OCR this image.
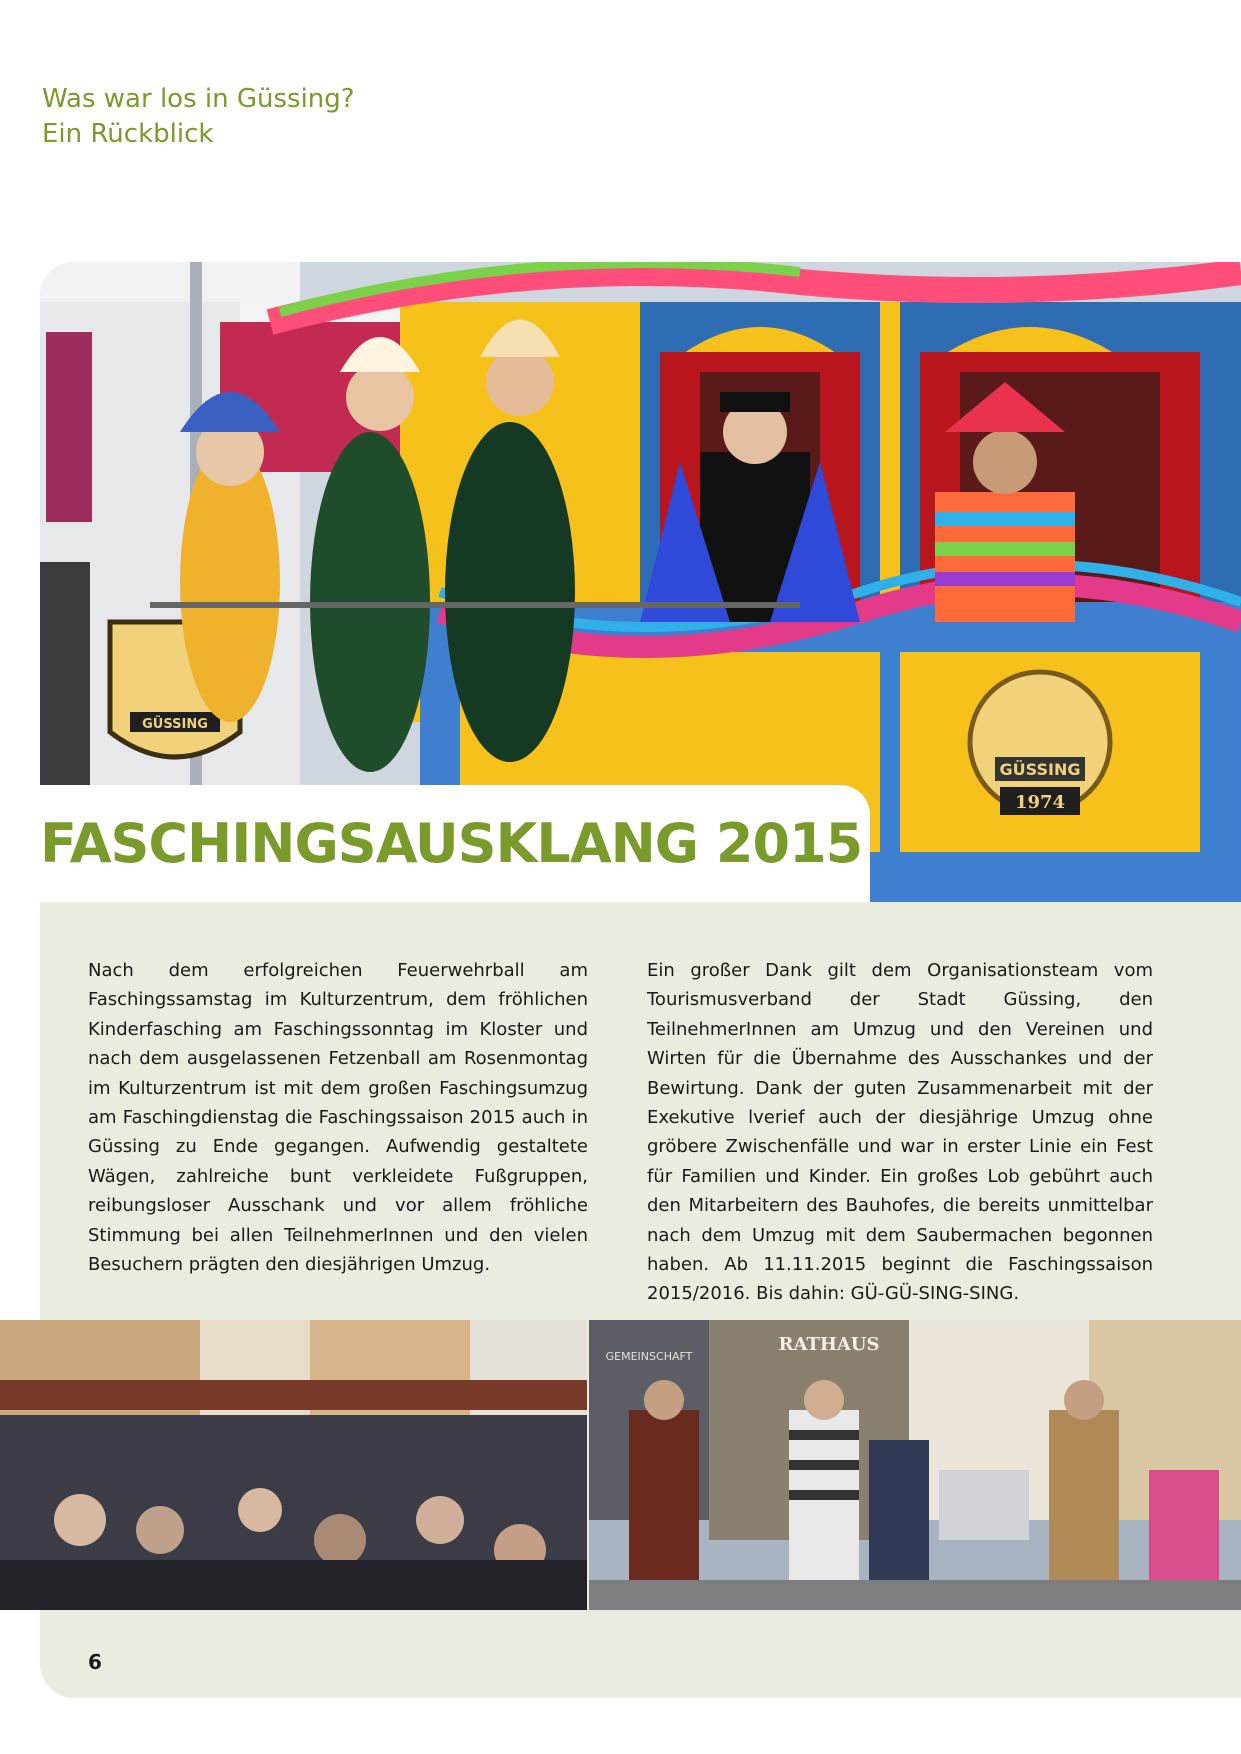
Was war los in Güssing?
Ein Rückblick
GÜSSING
1974
GÜSSING
FASCHINGSAUSKLANG 2015

Nach dem erfolgreichen Feuerwehrball am Faschingssamstag im Kulturzentrum, dem fröhlichen Kinderfasching am Faschingssonntag im Kloster und nach dem ausgelassenen Fetzenball am Rosenmontag im Kulturzentrum ist mit dem großen Faschingsumzug am Faschingdienstag die Faschingssaison 2015 auch in Güssing zu Ende gegangen. Aufwendig gestaltete Wägen, zahlreiche bunt verkleidete Fußgruppen, reibungsloser Ausschank und vor allem fröhliche Stimmung bei allen TeilnehmerInnen und den vielen Besuchern prägten den diesjährigen Umzug.

Ein großer Dank gilt dem Organisationsteam vom Tourismusverband der Stadt Güssing, den TeilnehmerInnen am Umzug und den Vereinen und Wirten für die Übernahme des Ausschankes und der Bewirtung. Dank der guten Zusammenarbeit mit der Exekutive lverief auch der diesjährige Umzug ohne gröbere Zwischenfälle und war in erster Linie ein Fest für Familien und Kinder. Ein großes Lob gebührt auch den Mitarbeitern des Bauhofes, die bereits unmittelbar nach dem Umzug mit dem Saubermachen begonnen haben. Ab 11.11.2015 beginnt die Faschingssaison 2015/2016. Bis dahin: GÜ-GÜ-SING-SING.

RATHAUS
GEMEINSCHAFT
6
